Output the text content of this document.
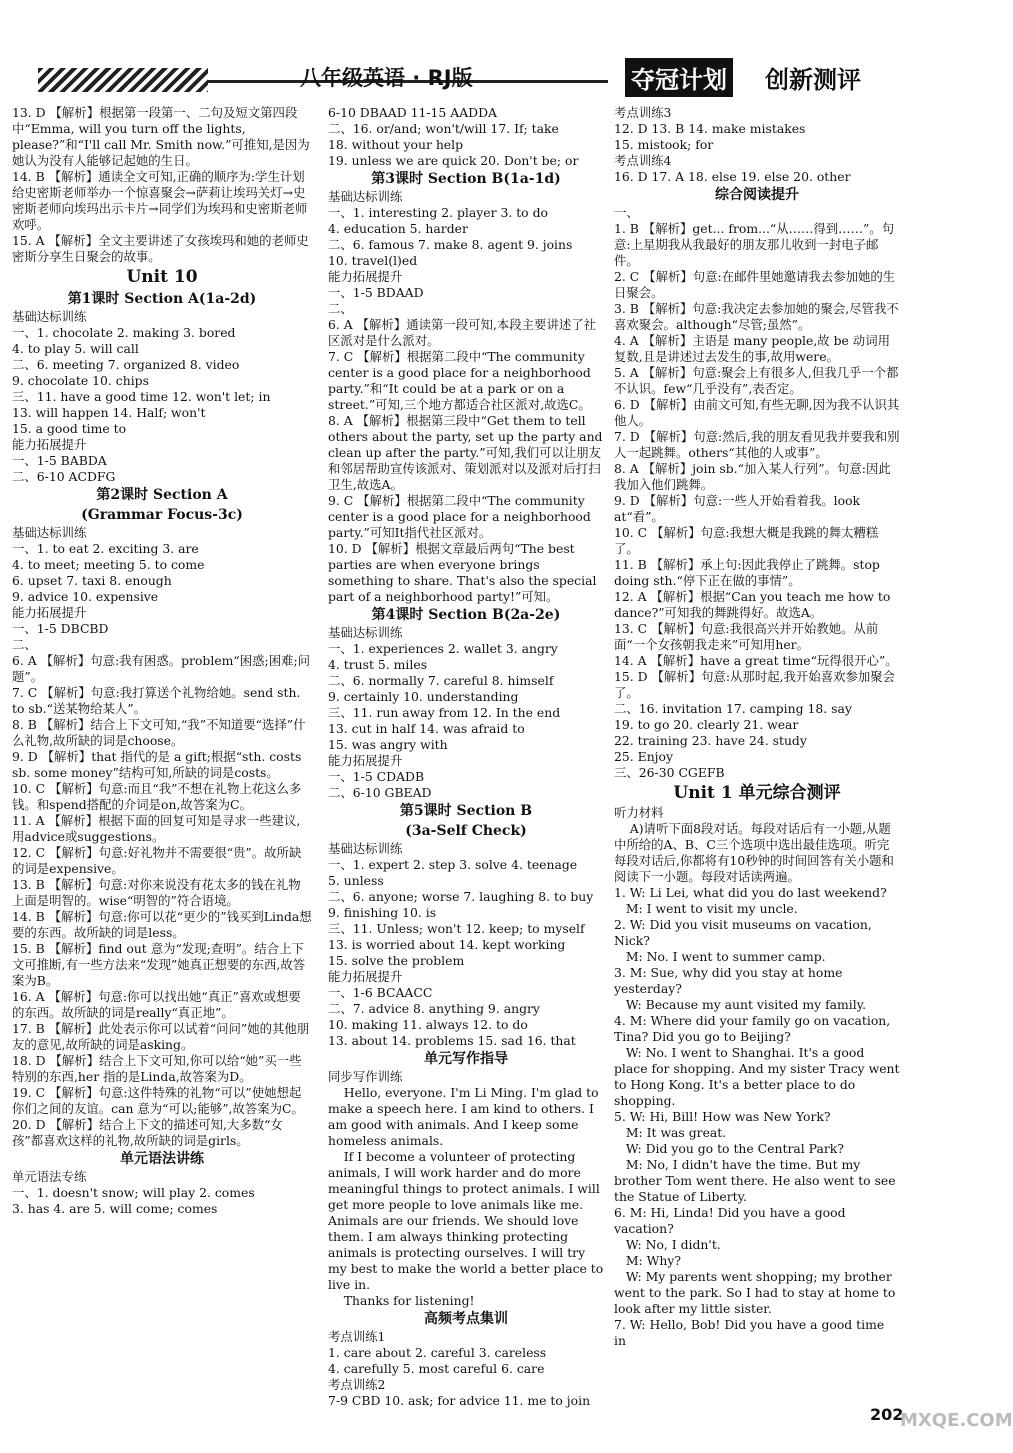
八年级英语 · RJ版	夺冠计划 创新测评
13. D 【解析】根据第一段第一、二句及短文第四段中“Emma, will you turn off the lights, please?”和“I'll call Mr. Smith now.”可推知,是因为她认为没有人能够记起她的生日。
14. B 【解析】通读全文可知,正确的顺序为:学生计划给史密斯老师举办一个惊喜聚会→萨莉让埃玛关灯→史密斯老师向埃玛出示卡片→同学们为埃玛和史密斯老师欢呼。
15. A 【解析】全文主要讲述了女孩埃玛和她的老师史密斯分享生日聚会的故事。
Unit 10
第1课时 Section A(1a-2d)
基础达标训练
一、1. chocolate 2. making 3. bored
4. to play 5. will call
二、6. meeting 7. organized 8. video
9. chocolate 10. chips
三、11. have a good time 12. won't let; in
13. will happen 14. Half; won't
15. a good time to
能力拓展提升
一、1-5 BABDA
二、6-10 ACDFG
第2课时 Section A
(Grammar Focus-3c)
基础达标训练
一、1. to eat 2. exciting 3. are
4. to meet; meeting 5. to come
6. upset 7. taxi 8. enough
9. advice 10. expensive
能力拓展提升
一、1-5 DBCBD
二、
6. A 【解析】句意:我有困惑。problem“困惑;困难;问题”。
7. C 【解析】句意:我打算送个礼物给她。send sth. to sb.“送某物给某人”。
8. B 【解析】结合上下文可知,“我”不知道要“选择”什么礼物,故所缺的词是choose。
9. D 【解析】that 指代的是 a gift;根据“sth. costs sb. some money”结构可知,所缺的词是costs。
10. C 【解析】句意:而且“我”不想在礼物上花这么多钱。和spend搭配的介词是on,故答案为C。
11. A 【解析】根据下面的回复可知是寻求一些建议,用advice或suggestions。
12. C 【解析】句意:好礼物并不需要很“贵”。故所缺的词是expensive。
13. B 【解析】句意:对你来说没有花太多的钱在礼物上面是明智的。wise“明智的”符合语境。
14. B 【解析】句意:你可以花“更少的”钱买到Linda想要的东西。故所缺的词是less。
15. B 【解析】find out 意为“发现;查明”。结合上下文可推断,有一些方法来“发现”她真正想要的东西,故答案为B。
16. A 【解析】句意:你可以找出她“真正”喜欢或想要的东西。故所缺的词是really“真正地”。
17. B 【解析】此处表示你可以试着“问问”她的其他朋友的意见,故所缺的词是asking。
18. D 【解析】结合上下文可知,你可以给“她”买一些特别的东西,her 指的是Linda,故答案为D。
19. C 【解析】句意:这件特殊的礼物“可以”使她想起你们之间的友谊。can 意为“可以;能够”,故答案为C。
20. D 【解析】结合上下文的描述可知,大多数“女孩”都喜欢这样的礼物,故所缺的词是girls。
单元语法讲练
单元语法专练
一、1. doesn't snow; will play 2. comes
3. has 4. are 5. will come; comes
6-10 DBAAD 11-15 AADDA
二、16. or/and; won't/will 17. If; take
18. without your help
19. unless we are quick 20. Don't be; or
第3课时 Section B(1a-1d)
基础达标训练
一、1. interesting 2. player 3. to do
4. education 5. harder
二、6. famous 7. make 8. agent 9. joins
10. travel(l)ed
能力拓展提升
一、1-5 BDAAD
二、
6. A 【解析】通读第一段可知,本段主要讲述了社区派对是什么派对。
7. C 【解析】根据第二段中“The community center is a good place for a neighborhood party.”和“It could be at a park or on a street.”可知,三个地方都适合社区派对,故选C。
8. A 【解析】根据第三段中“Get them to tell others about the party, set up the party and clean up after the party.”可知,我们可以让朋友和邻居帮助宣传该派对、策划派对以及派对后打扫卫生,故选A。
9. C 【解析】根据第二段中“The community center is a good place for a neighborhood party.”可知It指代社区派对。
10. D 【解析】根据文章最后两句“The best parties are when everyone brings something to share. That's also the special part of a neighborhood party!”可知。
第4课时 Section B(2a-2e)
基础达标训练
一、1. experiences 2. wallet 3. angry
4. trust 5. miles
二、6. normally 7. careful 8. himself
9. certainly 10. understanding
三、11. run away from 12. In the end
13. cut in half 14. was afraid to
15. was angry with
能力拓展提升
一、1-5 CDADB
二、6-10 GBEAD
第5课时 Section B
(3a-Self Check)
基础达标训练
一、1. expert 2. step 3. solve 4. teenage
5. unless
二、6. anyone; worse 7. laughing 8. to buy
9. finishing 10. is
三、11. Unless; won't 12. keep; to myself
13. is worried about 14. kept working
15. solve the problem
能力拓展提升
一、1-6 BCAACC
二、7. advice 8. anything 9. angry
10. making 11. always 12. to do
13. about 14. problems 15. sad 16. that
单元写作指导
同步写作训练
Hello, everyone. I'm Li Ming. I'm glad to make a speech here. I am kind to others. I am good with animals. And I keep some homeless animals.
If I become a volunteer of protecting animals, I will work harder and do more meaningful things to protect animals. I will get more people to love animals like me. Animals are our friends. We should love them. I am always thinking protecting animals is protecting ourselves. I will try my best to make the world a better place to live in.
Thanks for listening!
高频考点集训
考点训练1
1. care about 2. careful 3. careless
4. carefully 5. most careful 6. care
考点训练2
7-9 CBD 10. ask; for advice 11. me to join
考点训练3
12. D 13. B 14. make mistakes
15. mistook; for
考点训练4
16. D 17. A 18. else 19. else 20. other
综合阅读提升
一、
1. B 【解析】get... from...“从……得到……”。句意:上星期我从我最好的朋友那儿收到一封电子邮件。
2. C 【解析】句意:在邮件里她邀请我去参加她的生日聚会。
3. B 【解析】句意:我决定去参加她的聚会,尽管我不喜欢聚会。although“尽管;虽然”。
4. A 【解析】主语是 many people,故 be 动词用复数,且是讲述过去发生的事,故用were。
5. A 【解析】句意:聚会上有很多人,但我几乎一个都不认识。few“几乎没有”,表否定。
6. D 【解析】由前文可知,有些无聊,因为我不认识其他人。
7. D 【解析】句意:然后,我的朋友看见我并要我和别人一起跳舞。others“其他的人或事”。
8. A 【解析】join sb.“加入某人行列”。句意:因此我加入他们跳舞。
9. D 【解析】句意:一些人开始看着我。look at“看”。
10. C 【解析】句意:我想大概是我跳的舞太糟糕了。
11. B 【解析】承上句:因此我停止了跳舞。stop doing sth.“停下正在做的事情”。
12. A 【解析】根据“Can you teach me how to dance?”可知我的舞跳得好。故选A。
13. C 【解析】句意:我很高兴并开始教她。从前面“一个女孩朝我走来”可知用her。
14. A 【解析】have a great time“玩得很开心”。
15. D 【解析】句意:从那时起,我开始喜欢参加聚会了。
二、16. invitation 17. camping 18. say
19. to go 20. clearly 21. wear
22. training 23. have 24. study
25. Enjoy
三、26-30 CGEFB
Unit 1 单元综合测评
听力材料
A)请听下面8段对话。每段对话后有一小题,从题中所给的A、B、C三个选项中选出最佳选项。听完每段对话后,你都将有10秒钟的时间回答有关小题和阅读下一小题。每段对话读两遍。
1. W: Li Lei, what did you do last weekend?
M: I went to visit my uncle.
2. W: Did you visit museums on vacation, Nick?
M: No. I went to summer camp.
3. M: Sue, why did you stay at home yesterday?
W: Because my aunt visited my family.
4. M: Where did your family go on vacation, Tina? Did you go to Beijing?
W: No. I went to Shanghai. It's a good place for shopping. And my sister Tracy went to Hong Kong. It's a better place to do shopping.
5. W: Hi, Bill! How was New York?
M: It was great.
W: Did you go to the Central Park?
M: No, I didn't have the time. But my brother Tom went there. He also went to see the Statue of Liberty.
6. M: Hi, Linda! Did you have a good vacation?
W: No, I didn't.
M: Why?
W: My parents went shopping; my brother went to the park. So I had to stay at home to look after my little sister.
7. W: Hello, Bob! Did you have a good time in
202
MXQE.COM
